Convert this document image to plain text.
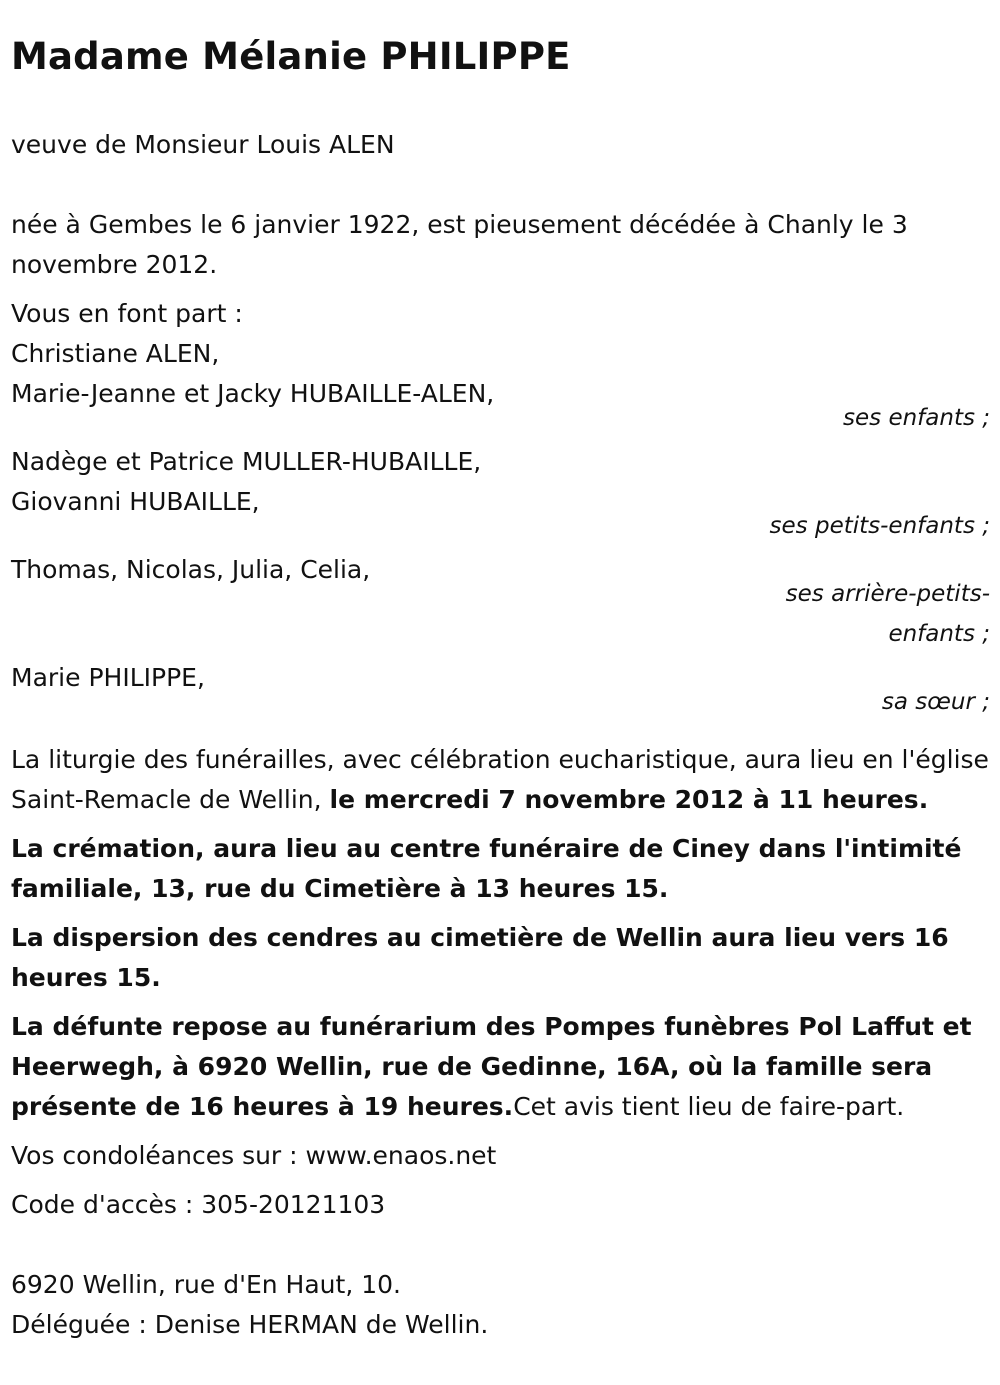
Madame Mélanie PHILIPPE

veuve de Monsieur Louis ALEN

née à Gembes le 6 janvier 1922, est pieusement décédée à Chanly le 3 novembre 2012.

Vous en font part :

Christiane ALEN,
Marie-Jeanne et Jacky HUBAILLE-ALEN,

ses enfants ;

Nadège et Patrice MULLER-HUBAILLE,
Giovanni HUBAILLE,

ses petits-enfants ;

Thomas, Nicolas, Julia, Celia,

ses arrière-petits-

enfants ;

Marie PHILIPPE,

sa sœur ;

La liturgie des funérailles, avec célébration eucharistique, aura lieu en l'église Saint-Remacle de Wellin, le mercredi 7 novembre 2012 à 11 heures.

La crémation, aura lieu au centre funéraire de Ciney dans l'intimité familiale, 13, rue du Cimetière à 13 heures 15.

La dispersion des cendres au cimetière de Wellin aura lieu vers 16 heures 15.

La défunte repose au funérarium des Pompes funèbres Pol Laffut et Heerwegh, à 6920 Wellin, rue de Gedinne, 16A, où la famille sera présente de 16 heures à 19 heures.Cet avis tient lieu de faire-part.

Vos condoléances sur : www.enaos.net

Code d'accès : 305-20121103

6920 Wellin, rue d'En Haut, 10.

Déléguée : Denise HERMAN de Wellin.
